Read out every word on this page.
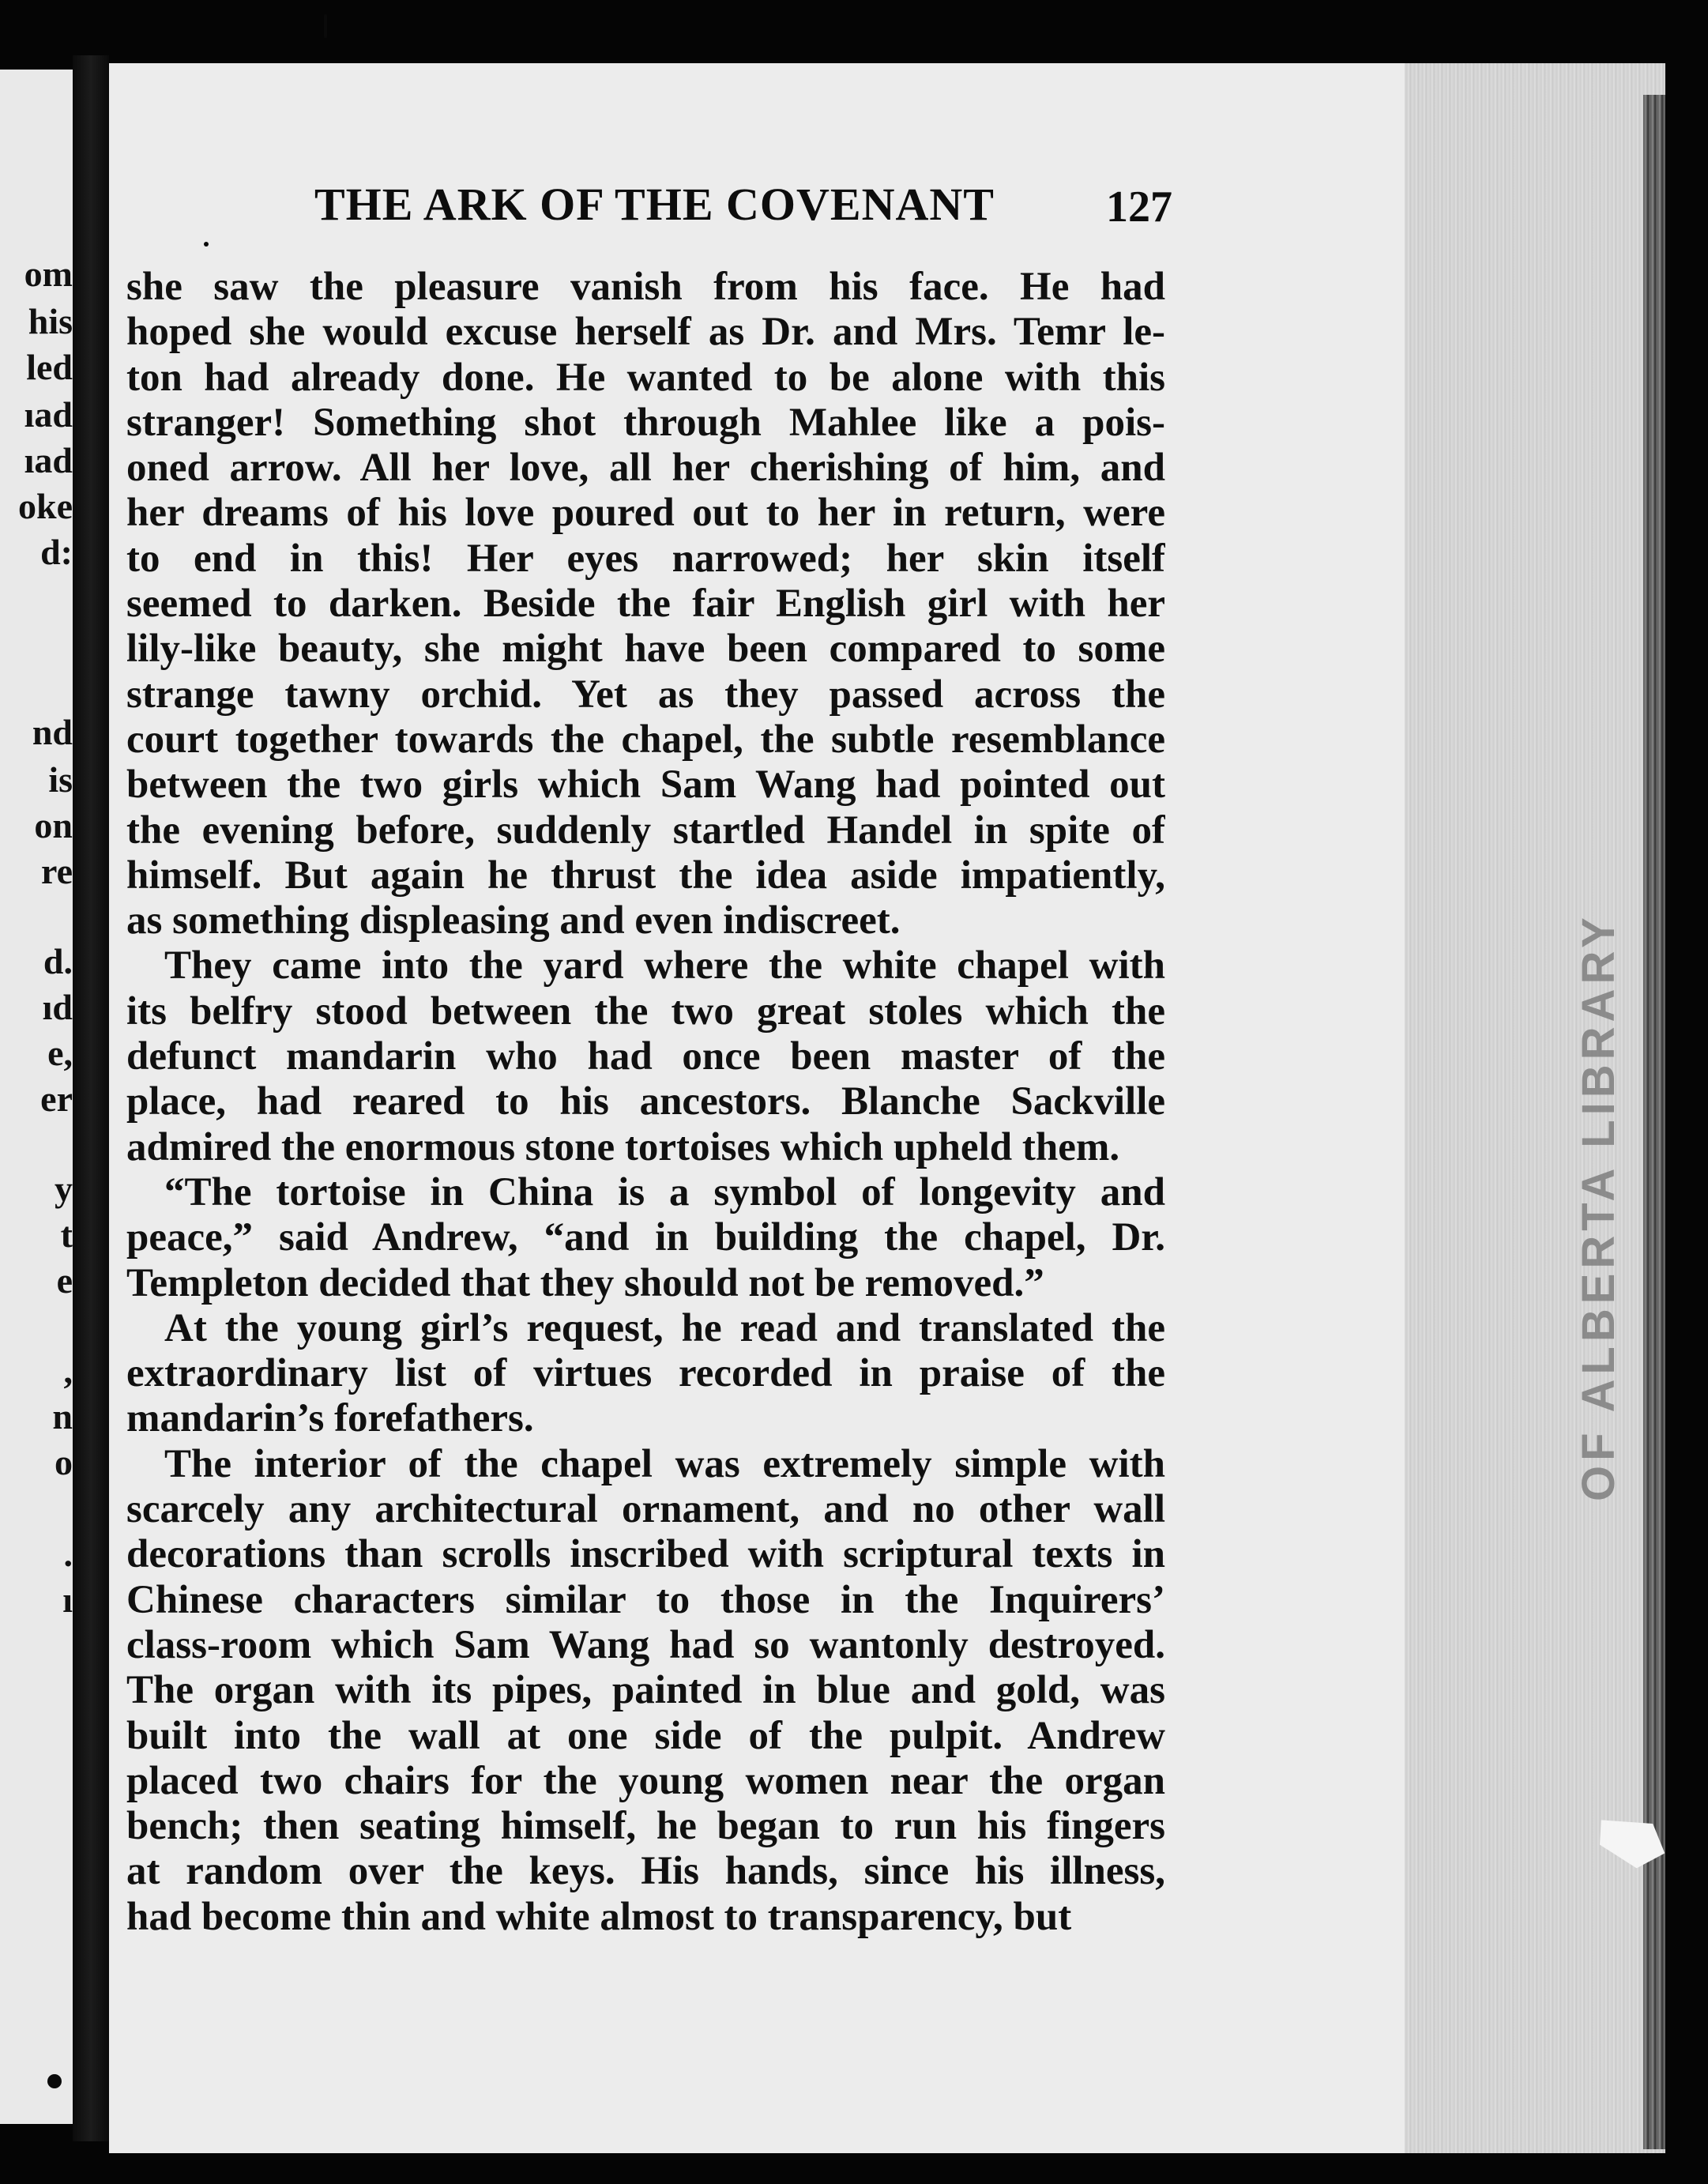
om
his
led
ıad
ıad
oke
d:
nd
is
on
re
d.
ıd
e,
er
y
t
e
,
n
o
.
ı
OF ALBERTA LIBRARY
THE ARK OF THE COVENANT	127
she saw the pleasure vanish from his face. He had
hoped she would excuse herself as Dr. and Mrs. Temr le-
ton had already done. He wanted to be alone with this
stranger! Something shot through Mahlee like a pois-
oned arrow. All her love, all her cherishing of him, and
her dreams of his love poured out to her in return, were
to end in this! Her eyes narrowed; her skin itself
seemed to darken. Beside the fair English girl with her
lily-like beauty, she might have been compared to some
strange tawny orchid. Yet as they passed across the
court together towards the chapel, the subtle resemblance
between the two girls which Sam Wang had pointed out
the evening before, suddenly startled Handel in spite of
himself. But again he thrust the idea aside impatiently,
as something displeasing and even indiscreet.
They came into the yard where the white chapel with
its belfry stood between the two great stoles which the
defunct mandarin who had once been master of the
place, had reared to his ancestors. Blanche Sackville
admired the enormous stone tortoises which upheld them.
“The tortoise in China is a symbol of longevity and
peace,” said Andrew, “and in building the chapel, Dr.
Templeton decided that they should not be removed.”
At the young girl’s request, he read and translated the
extraordinary list of virtues recorded in praise of the
mandarin’s forefathers.
The interior of the chapel was extremely simple with
scarcely any architectural ornament, and no other wall
decorations than scrolls inscribed with scriptural texts in
Chinese characters similar to those in the Inquirers’
class-room which Sam Wang had so wantonly destroyed.
The organ with its pipes, painted in blue and gold, was
built into the wall at one side of the pulpit. Andrew
placed two chairs for the young women near the organ
bench; then seating himself, he began to run his fingers
at random over the keys. His hands, since his illness,
had become thin and white almost to transparency, but
